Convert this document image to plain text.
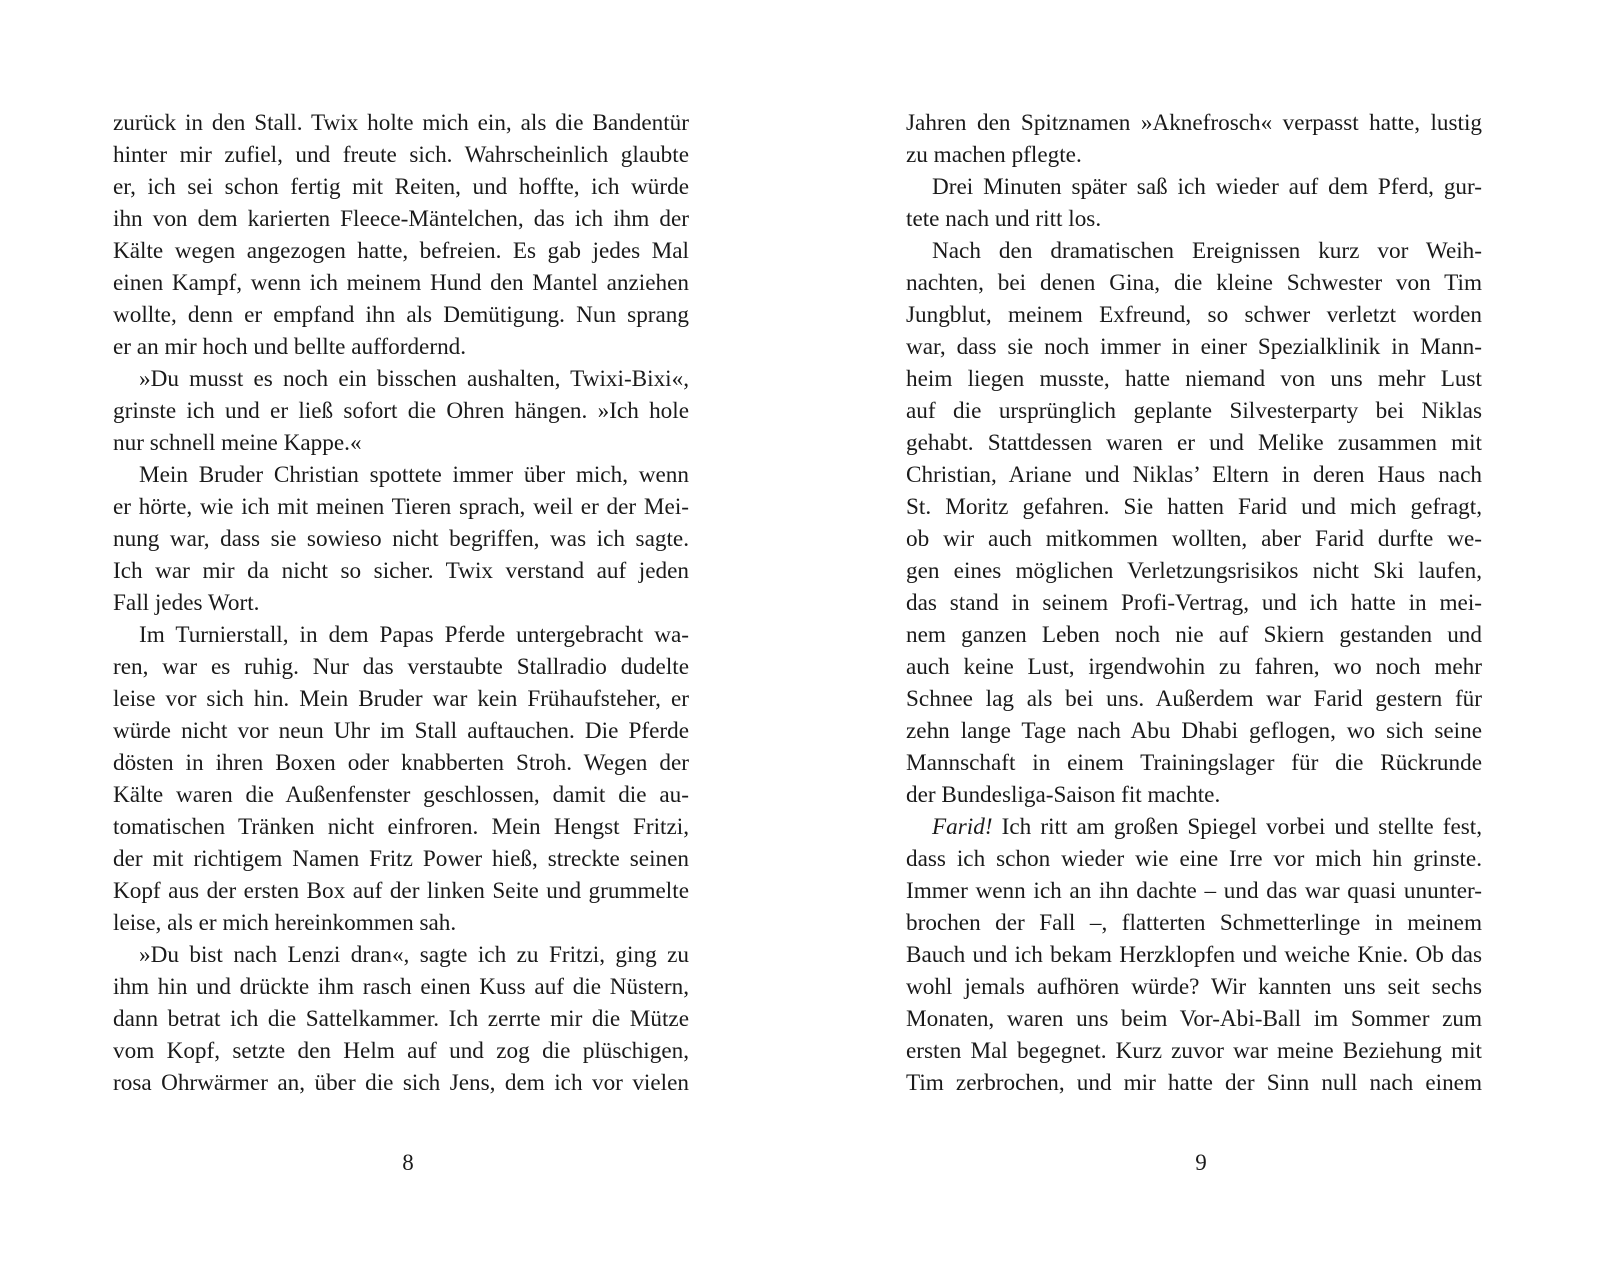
zurück in den Stall. Twix holte mich ein, als die Bandentür
hinter mir zufiel, und freute sich. Wahrscheinlich glaubte
er, ich sei schon fertig mit Reiten, und hoffte, ich würde
ihn von dem karierten Fleece-Mäntelchen, das ich ihm der
Kälte wegen angezogen hatte, befreien. Es gab jedes Mal
einen Kampf, wenn ich meinem Hund den Mantel anziehen
wollte, denn er empfand ihn als Demütigung. Nun sprang
er an mir hoch und bellte auffordernd.
»Du musst es noch ein bisschen aushalten, Twixi-Bixi«,
grinste ich und er ließ sofort die Ohren hängen. »Ich hole
nur schnell meine Kappe.«
Mein Bruder Christian spottete immer über mich, wenn
er hörte, wie ich mit meinen Tieren sprach, weil er der Mei-
nung war, dass sie sowieso nicht begriffen, was ich sagte.
Ich war mir da nicht so sicher. Twix verstand auf jeden
Fall jedes Wort.
Im Turnierstall, in dem Papas Pferde untergebracht wa-
ren, war es ruhig. Nur das verstaubte Stallradio dudelte
leise vor sich hin. Mein Bruder war kein Frühaufsteher, er
würde nicht vor neun Uhr im Stall auftauchen. Die Pferde
dösten in ihren Boxen oder knabberten Stroh. Wegen der
Kälte waren die Außenfenster geschlossen, damit die au-
tomatischen Tränken nicht einfroren. Mein Hengst Fritzi,
der mit richtigem Namen Fritz Power hieß, streckte seinen
Kopf aus der ersten Box auf der linken Seite und grummelte
leise, als er mich hereinkommen sah.
»Du bist nach Lenzi dran«, sagte ich zu Fritzi, ging zu
ihm hin und drückte ihm rasch einen Kuss auf die Nüstern,
dann betrat ich die Sattelkammer. Ich zerrte mir die Mütze
vom Kopf, setzte den Helm auf und zog die plüschigen,
rosa Ohrwärmer an, über die sich Jens, dem ich vor vielen
8
Jahren den Spitznamen »Aknefrosch« verpasst hatte, lustig
zu machen pflegte.
Drei Minuten später saß ich wieder auf dem Pferd, gur-
tete nach und ritt los.
Nach den dramatischen Ereignissen kurz vor Weih-
nachten, bei denen Gina, die kleine Schwester von Tim
Jungblut, meinem Exfreund, so schwer verletzt worden
war, dass sie noch immer in einer Spezialklinik in Mann-
heim liegen musste, hatte niemand von uns mehr Lust
auf die ursprünglich geplante Silvesterparty bei Niklas
gehabt. Stattdessen waren er und Melike zusammen mit
Christian, Ariane und Niklas’ Eltern in deren Haus nach
St. Moritz gefahren. Sie hatten Farid und mich gefragt,
ob wir auch mitkommen wollten, aber Farid durfte we-
gen eines möglichen Verletzungsrisikos nicht Ski laufen,
das stand in seinem Profi-Vertrag, und ich hatte in mei-
nem ganzen Leben noch nie auf Skiern gestanden und
auch keine Lust, irgendwohin zu fahren, wo noch mehr
Schnee lag als bei uns. Außerdem war Farid gestern für
zehn lange Tage nach Abu Dhabi geflogen, wo sich seine
Mannschaft in einem Trainingslager für die Rückrunde
der Bundesliga-Saison fit machte.
Farid! Ich ritt am großen Spiegel vorbei und stellte fest,
dass ich schon wieder wie eine Irre vor mich hin grinste.
Immer wenn ich an ihn dachte – und das war quasi ununter-
brochen der Fall –, flatterten Schmetterlinge in meinem
Bauch und ich bekam Herzklopfen und weiche Knie. Ob das
wohl jemals aufhören würde? Wir kannten uns seit sechs
Monaten, waren uns beim Vor-Abi-Ball im Sommer zum
ersten Mal begegnet. Kurz zuvor war meine Beziehung mit
Tim zerbrochen, und mir hatte der Sinn null nach einem
9
